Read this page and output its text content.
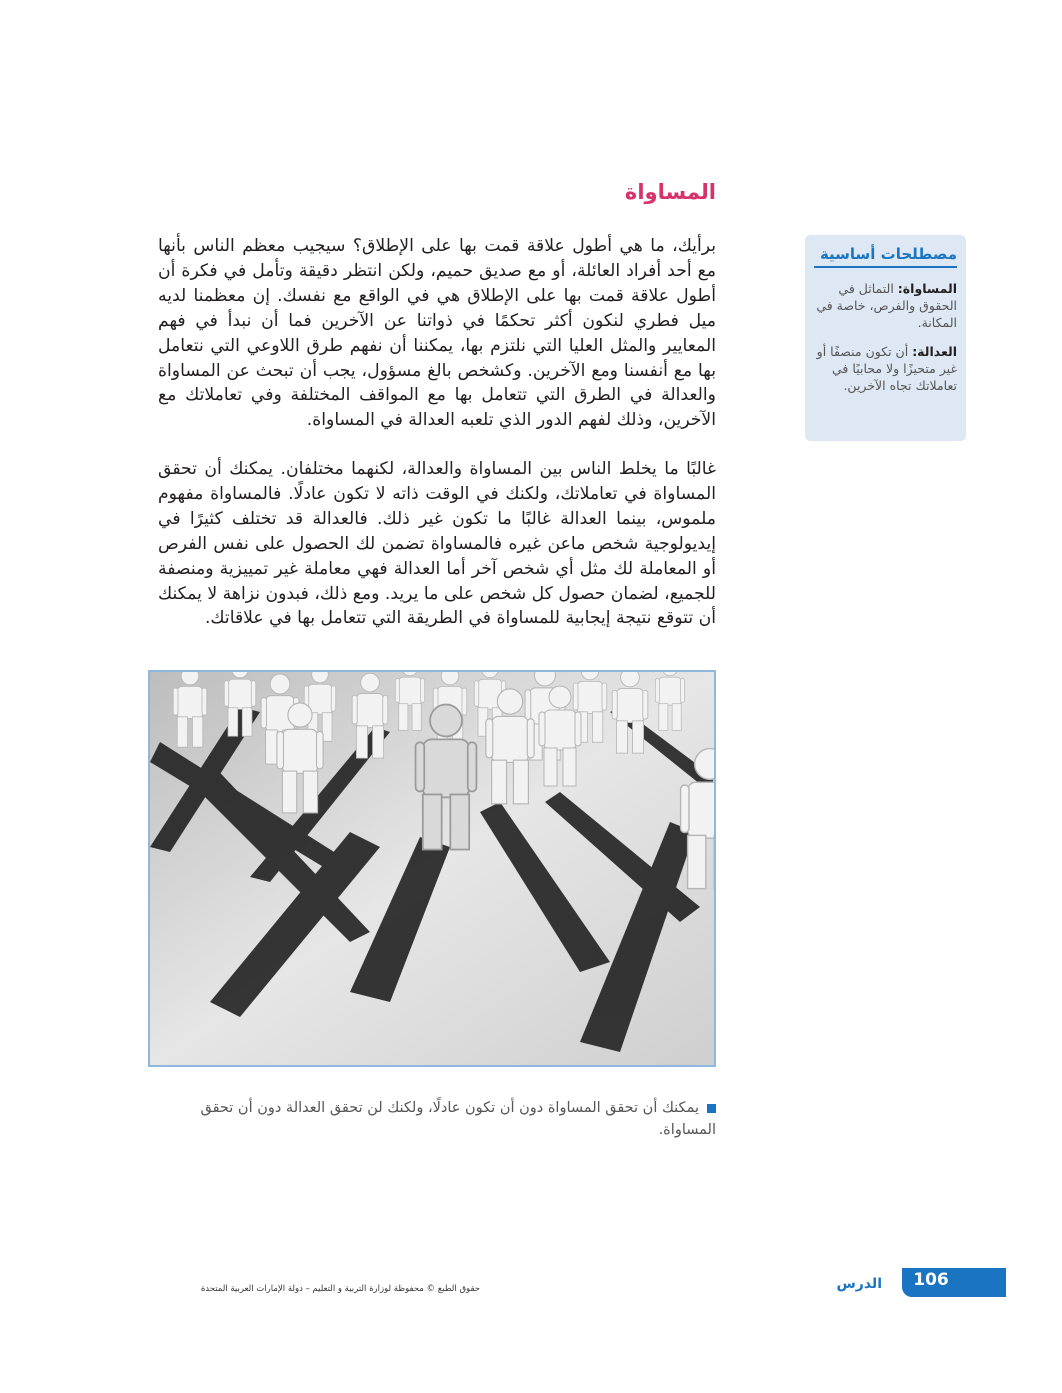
المساواة

برأيك، ما هي أطول علاقة قمت بها على الإطلاق؟ سيجيب معظم الناس بأنها مع أحد أفراد العائلة، أو مع صديق حميم، ولكن انتظر دقيقة وتأمل في فكرة أن أطول علاقة قمت بها على الإطلاق هي في الواقع مع نفسك. إن معظمنا لديه ميل فطري لنكون أكثر تحكمًا في ذواتنا عن الآخرين فما أن نبدأ في فهم المعايير والمثل العليا التي نلتزم بها، يمكننا أن نفهم طرق اللاوعي التي نتعامل بها مع أنفسنا ومع الآخرين. وكشخص بالغ مسؤول، يجب أن تبحث عن المساواة والعدالة في الطرق التي تتعامل بها مع المواقف المختلفة وفي تعاملاتك مع الآخرين، وذلك لفهم الدور الذي تلعبه العدالة في المساواة.

غالبًا ما يخلط الناس بين المساواة والعدالة، لكنهما مختلفان. يمكنك أن تحقق المساواة في تعاملاتك، ولكنك في الوقت ذاته لا تكون عادلًا. فالمساواة مفهوم ملموس، بينما العدالة غالبًا ما تكون غير ذلك. فالعدالة قد تختلف كثيرًا في إيديولوجية شخص ماعن غيره فالمساواة تضمن لك الحصول على نفس الفرص أو المعاملة لك مثل أي شخص آخر أما العدالة فهي معاملة غير تمييزية ومنصفة للجميع، لضمان حصول كل شخص على ما يريد. ومع ذلك، فبدون نزاهة لا يمكنك أن تتوقع نتيجة إيجابية للمساواة في الطريقة التي تتعامل بها في علاقاتك.

مصطلحات أساسية

المساواة: التماثل في الحقوق والفرص، خاصة في المكانة.

العدالة: أن تكون منصفًا أو غير متحيزًا ولا محابيًا في تعاملاتك تجاه الآخرين.

يمكنك أن تحقق المساواة دون أن تكون عادلًا، ولكنك لن تحقق العدالة دون أن تحقق المساواة.

106
الدرس
حقوق الطبع © محفوظة لوزارة التربية و التعليم – دولة الإمارات العربية المتحدة
